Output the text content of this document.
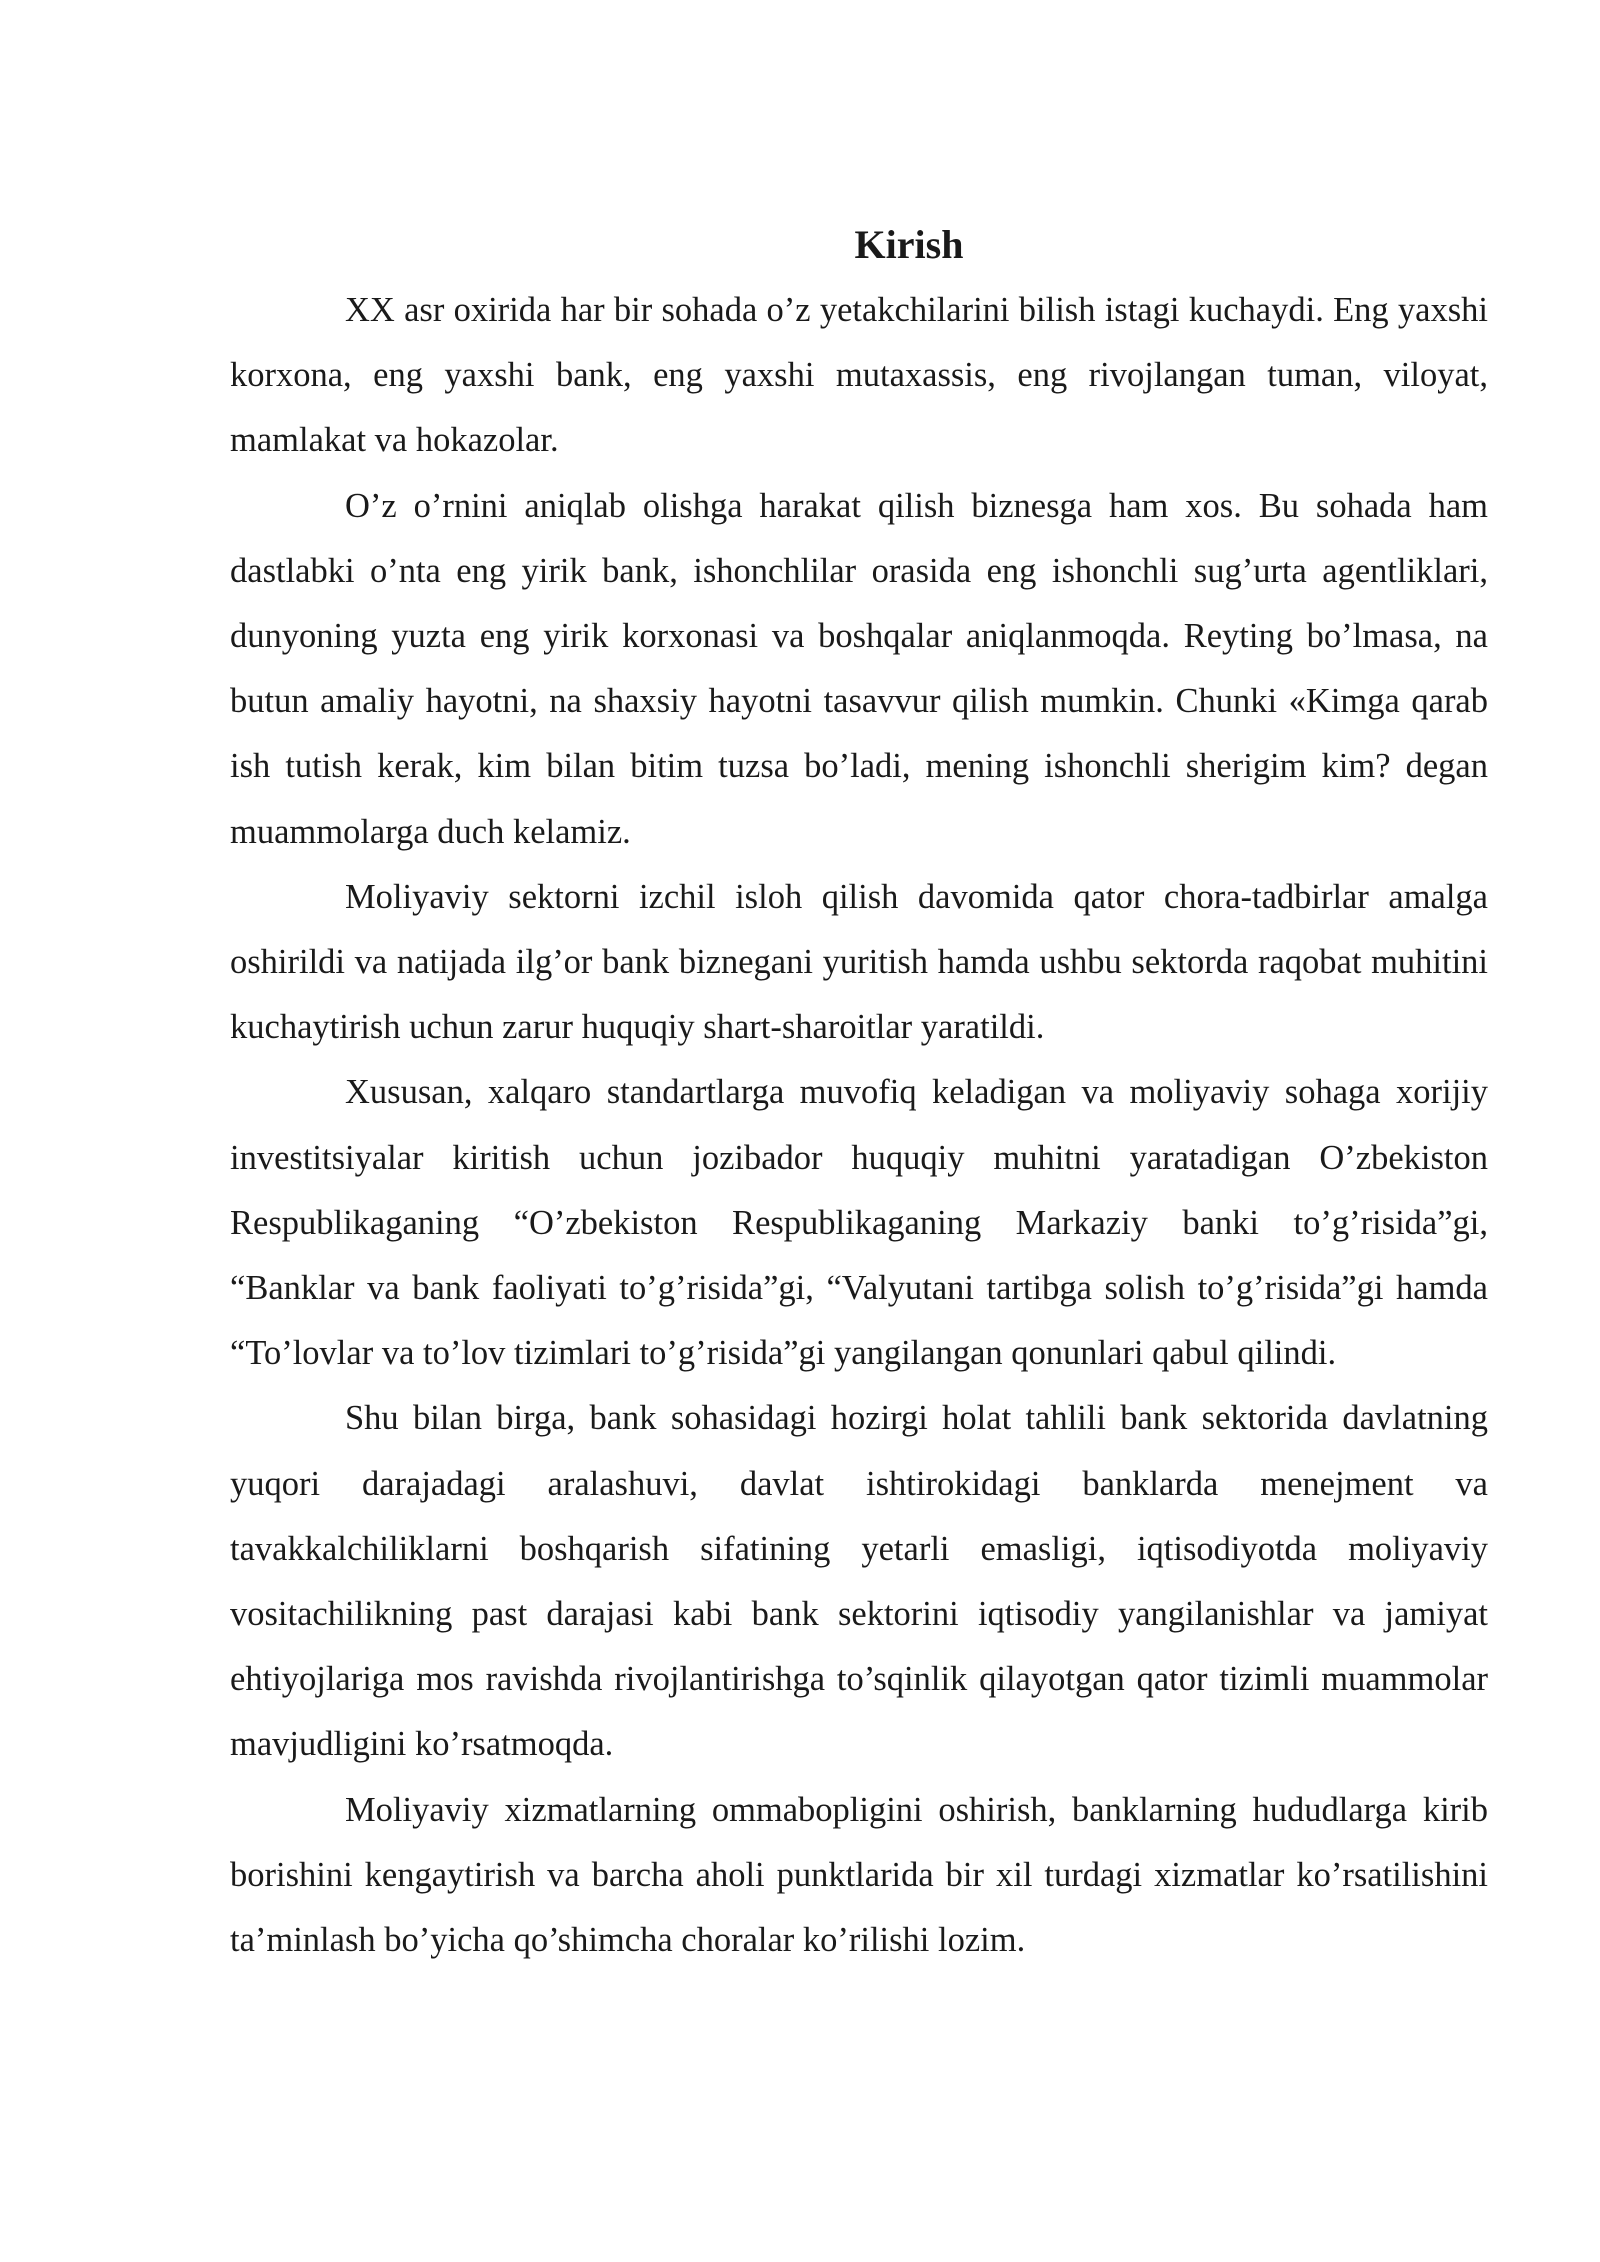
Kirish

XX asr oxirida har bir sohada o’z yetakchilarini bilish istagi kuchaydi. Eng yaxshi korxona, eng yaxshi bank, eng yaxshi mutaxassis, eng rivojlangan tuman, viloyat, mamlakat va hokazolar.

O’z o’rnini aniqlab olishga harakat qilish biznesga ham xos. Bu sohada ham dastlabki o’nta eng yirik bank, ishonchlilar orasida eng ishonchli sug’urta agentliklari, dunyoning yuzta eng yirik korxonasi va boshqalar aniqlanmoqda. Reyting bo’lmasa, na butun amaliy hayotni, na shaxsiy hayotni tasavvur qilish mumkin. Chunki «Kimga qarab ish tutish kerak, kim bilan bitim tuzsa bo’ladi, mening ishonchli sherigim kim? degan muammolarga duch kelamiz.

Moliyaviy sektorni izchil isloh qilish davomida qator chora-tadbirlar amalga oshirildi va natijada ilg’or bank biznegani yuritish hamda ushbu sektorda raqobat muhitini kuchaytirish uchun zarur huquqiy shart-sharoitlar yaratildi.

Xususan, xalqaro standartlarga muvofiq keladigan va moliyaviy sohaga xorijiy investitsiyalar kiritish uchun jozibador huquqiy muhitni yaratadigan O’zbekiston Respublikaganing “O’zbekiston Respublikaganing Markaziy banki to’g’risida”gi, “Banklar va bank faoliyati to’g’risida”gi, “Valyutani tartibga solish to’g’risida”gi hamda “To’lovlar va to’lov tizimlari to’g’risida”gi yangilangan qonunlari qabul qilindi.

Shu bilan birga, bank sohasidagi hozirgi holat tahlili bank sektorida davlatning yuqori darajadagi aralashuvi, davlat ishtirokidagi banklarda menejment va tavakkalchiliklarni boshqarish sifatining yetarli emasligi, iqtisodiyotda moliyaviy vositachilikning past darajasi kabi bank sektorini iqtisodiy yangilanishlar va jamiyat ehtiyojlariga mos ravishda rivojlantirishga to’sqinlik qilayotgan qator tizimli muammolar mavjudligini ko’rsatmoqda.

Moliyaviy xizmatlarning ommabopligini oshirish, banklarning hududlarga kirib borishini kengaytirish va barcha aholi punktlarida bir xil turdagi xizmatlar ko’rsatilishini ta’minlash bo’yicha qo’shimcha choralar ko’rilishi lozim.
